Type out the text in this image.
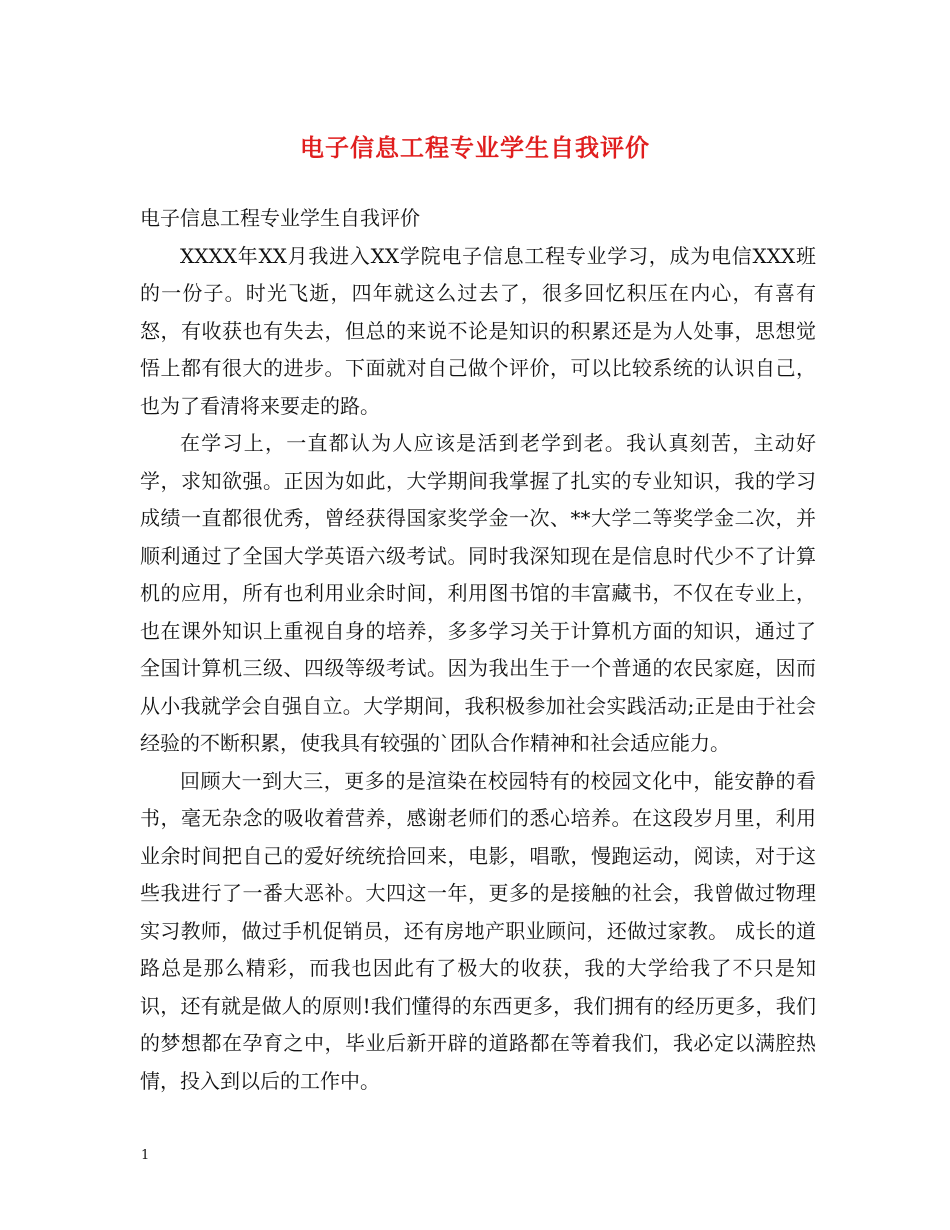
电子信息工程专业学生自我评价

电子信息工程专业学生自我评价

XXXX年XX月我进入XX学院电子信息工程专业学习，成为电信XXX班的一份子。时光飞逝，四年就这么过去了，很多回忆积压在内心，有喜有怒，有收获也有失去，但总的来说不论是知识的积累还是为人处事，思想觉悟上都有很大的进步。下面就对自己做个评价，可以比较系统的认识自己，也为了看清将来要走的路。

在学习上，一直都认为人应该是活到老学到老。我认真刻苦，主动好学，求知欲强。正因为如此，大学期间我掌握了扎实的专业知识，我的学习成绩一直都很优秀，曾经获得国家奖学金一次、**大学二等奖学金二次，并顺利通过了全国大学英语六级考试。同时我深知现在是信息时代少不了计算机的应用，所有也利用业余时间，利用图书馆的丰富藏书，不仅在专业上，也在课外知识上重视自身的培养，多多学习关于计算机方面的知识，通过了全国计算机三级、四级等级考试。因为我出生于一个普通的农民家庭，因而从小我就学会自强自立。大学期间，我积极参加社会实践活动;正是由于社会经验的不断积累，使我具有较强的`团队合作精神和社会适应能力。

回顾大一到大三，更多的是渲染在校园特有的校园文化中，能安静的看书，毫无杂念的吸收着营养，感谢老师们的悉心培养。在这段岁月里，利用业余时间把自己的爱好统统拾回来，电影，唱歌，慢跑运动，阅读，对于这些我进行了一番大恶补。大四这一年，更多的是接触的社会，我曾做过物理实习教师，做过手机促销员，还有房地产职业顾问，还做过家教。 成长的道路总是那么精彩，而我也因此有了极大的收获，我的大学给我了不只是知识，还有就是做人的原则!我们懂得的东西更多，我们拥有的经历更多，我们的梦想都在孕育之中，毕业后新开辟的道路都在等着我们，我必定以满腔热情，投入到以后的工作中。

1
